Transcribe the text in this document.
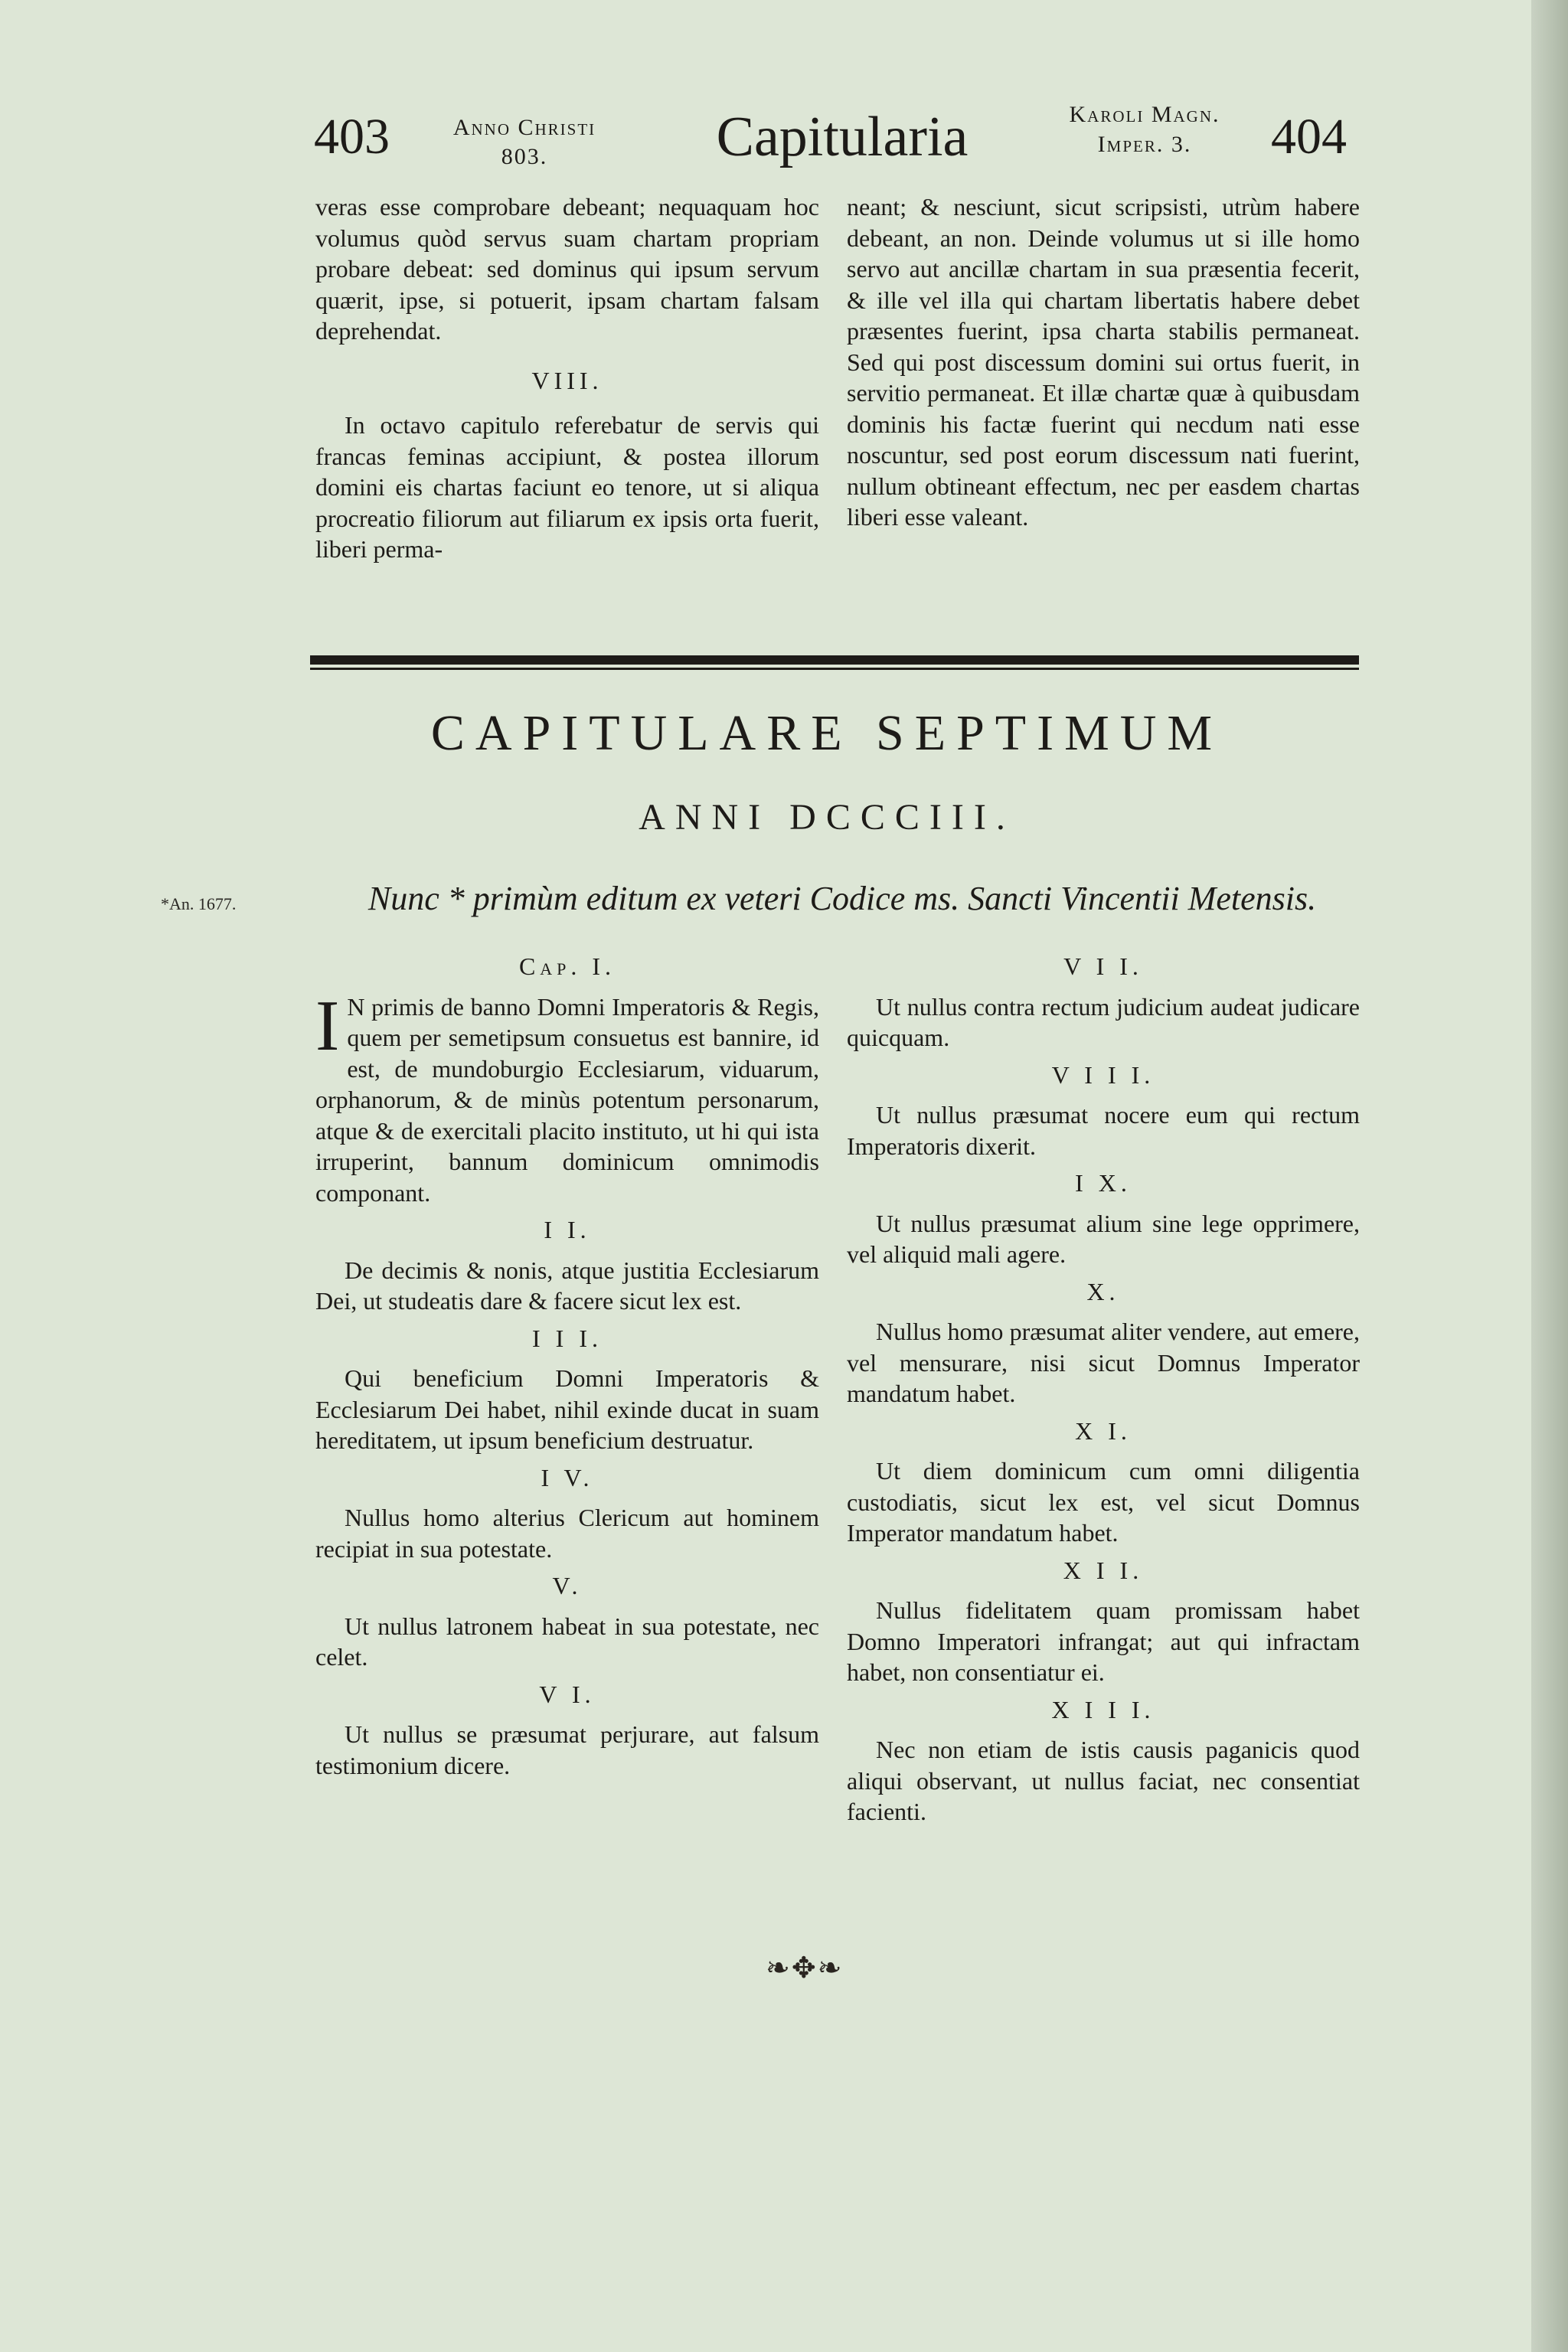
403	Anno Christi
803.	Capitularia	Karoli Magn.
Imper. 3.	404

veras esse comprobare debeant; nequaquam hoc volumus quòd servus suam chartam propriam probare debeat: sed dominus qui ipsum servum quærit, ipse, si potuerit, ipsam chartam falsam deprehendat.

VIII.

In octavo capitulo referebatur de servis qui francas feminas accipiunt, & postea illorum domini eis chartas faciunt eo tenore, ut si aliqua procreatio filiorum aut filiarum ex ipsis orta fuerit, liberi perma-

neant; & nesciunt, sicut scripsisti, utrùm habere debeant, an non. Deinde volumus ut si ille homo servo aut ancillæ chartam in sua præsentia fecerit, & ille vel illa qui chartam libertatis habere debet præsentes fuerint, ipsa charta stabilis permaneat. Sed qui post discessum domini sui ortus fuerit, in servitio permaneat. Et illæ chartæ quæ à quibusdam dominis his factæ fuerint qui necdum nati esse noscuntur, sed post eorum discessum nati fuerint, nullum obtineant effectum, nec per easdem chartas liberi esse valeant.

CAPITULARE SEPTIMUM
ANNI DCCCIII.
*An. 1677.	Nunc * primùm editum ex veteri Codice ms. Sancti Vincentii Metensis.
Cap. I.

I N primis de banno Domni Imperatoris & Regis, quem per semetipsum consuetus est bannire, id est, de mundoburgio Ecclesiarum, viduarum, orphanorum, & de minùs potentum personarum, atque & de exercitali placito instituto, ut hi qui ista irruperint, bannum dominicum omnimodis componant.

I I.

De decimis & nonis, atque justitia Ecclesiarum Dei, ut studeatis dare & facere sicut lex est.

I I I.

Qui beneficium Domni Imperatoris & Ecclesiarum Dei habet, nihil exinde ducat in suam hereditatem, ut ipsum beneficium destruatur.

I V.

Nullus homo alterius Clericum aut hominem recipiat in sua potestate.

V.

Ut nullus latronem habeat in sua potestate, nec celet.

V I.

Ut nullus se præsumat perjurare, aut falsum testimonium dicere.

V I I.

Ut nullus contra rectum judicium audeat judicare quicquam.

V I I I.

Ut nullus præsumat nocere eum qui rectum Imperatoris dixerit.

I X.

Ut nullus præsumat alium sine lege opprimere, vel aliquid mali agere.

X.

Nullus homo præsumat aliter vendere, aut emere, vel mensurare, nisi sicut Domnus Imperator mandatum habet.

X I.

Ut diem dominicum cum omni diligentia custodiatis, sicut lex est, vel sicut Domnus Imperator mandatum habet.

X I I.

Nullus fidelitatem quam promissam habet Domno Imperatori infrangat; aut qui infractam habet, non consentiatur ei.

X I I I.

Nec non etiam de istis causis paganicis quod aliqui observant, ut nullus faciat, nec consentiat facienti.

❧✥❧
